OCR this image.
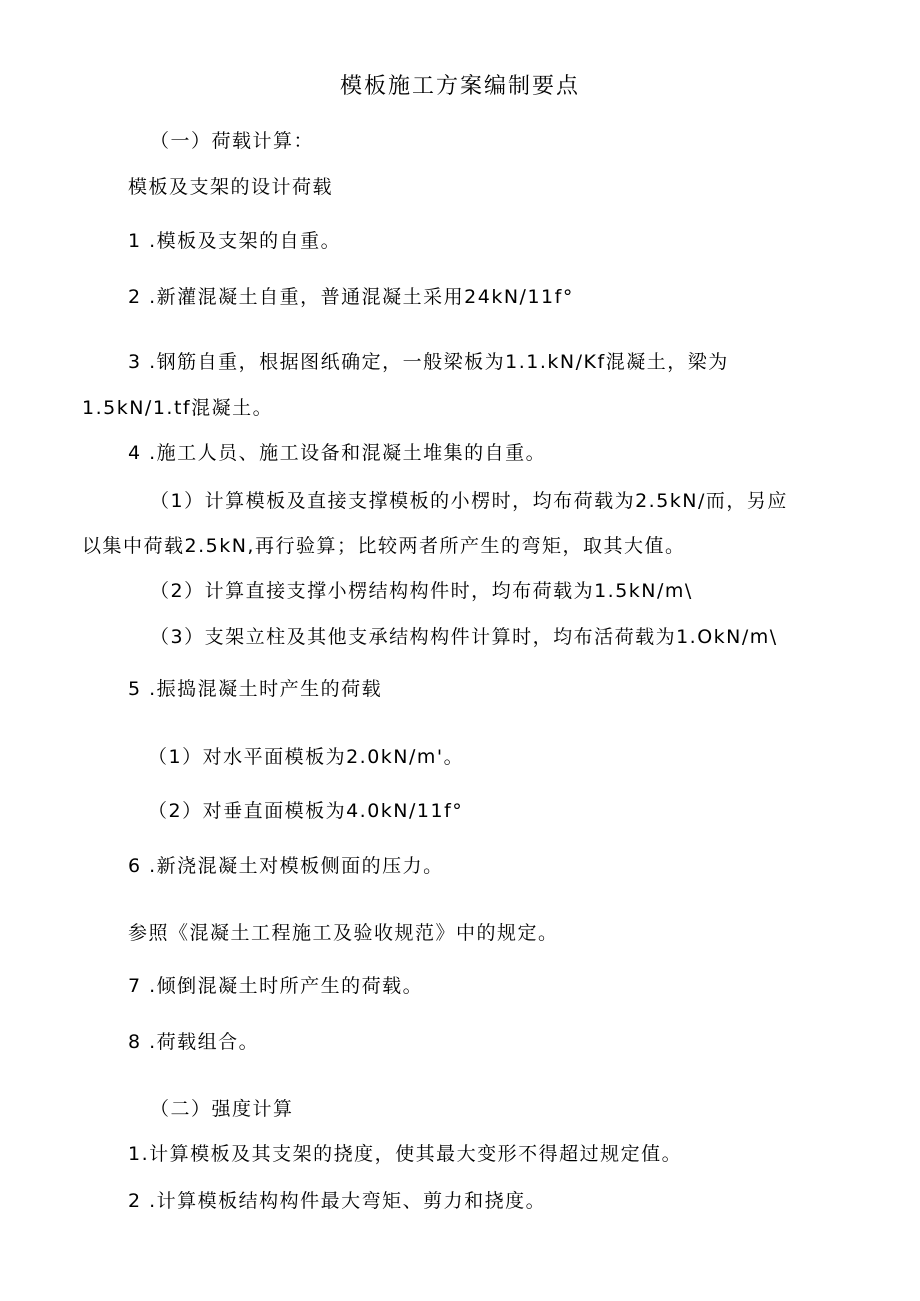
模板施工方案编制要点
（一）荷载计算：
模板及支架的设计荷载
1 .模板及支架的自重。
2 .新灌混凝土自重，普通混凝土采用24kN∕11f°
3 .钢筋自重，根据图纸确定，一般梁板为1.1.kN/Kf混凝土，梁为
1.5kN∕1.tf混凝土。
4 .施工人员、施工设备和混凝土堆集的自重。
（1）计算模板及直接支撑模板的小楞时，均布荷载为2.5kN/而，另应
以集中荷载2.5kN,再行验算；比较两者所产生的弯矩，取其大值。
（2）计算直接支撑小楞结构构件时，均布荷载为1.5kN∕m\
（3）支架立柱及其他支承结构构件计算时，均布活荷载为1.OkN/m\
5 .振捣混凝土时产生的荷载
（1）对水平面模板为2.0kN∕m'。
（2）对垂直面模板为4.0kN∕11f°
6 .新浇混凝土对模板侧面的压力。
参照《混凝土工程施工及验收规范》中的规定。
7 .倾倒混凝土时所产生的荷载。
8 .荷载组合。
（二）强度计算
1.计算模板及其支架的挠度，使其最大变形不得超过规定值。
2 .计算模板结构构件最大弯矩、剪力和挠度。
